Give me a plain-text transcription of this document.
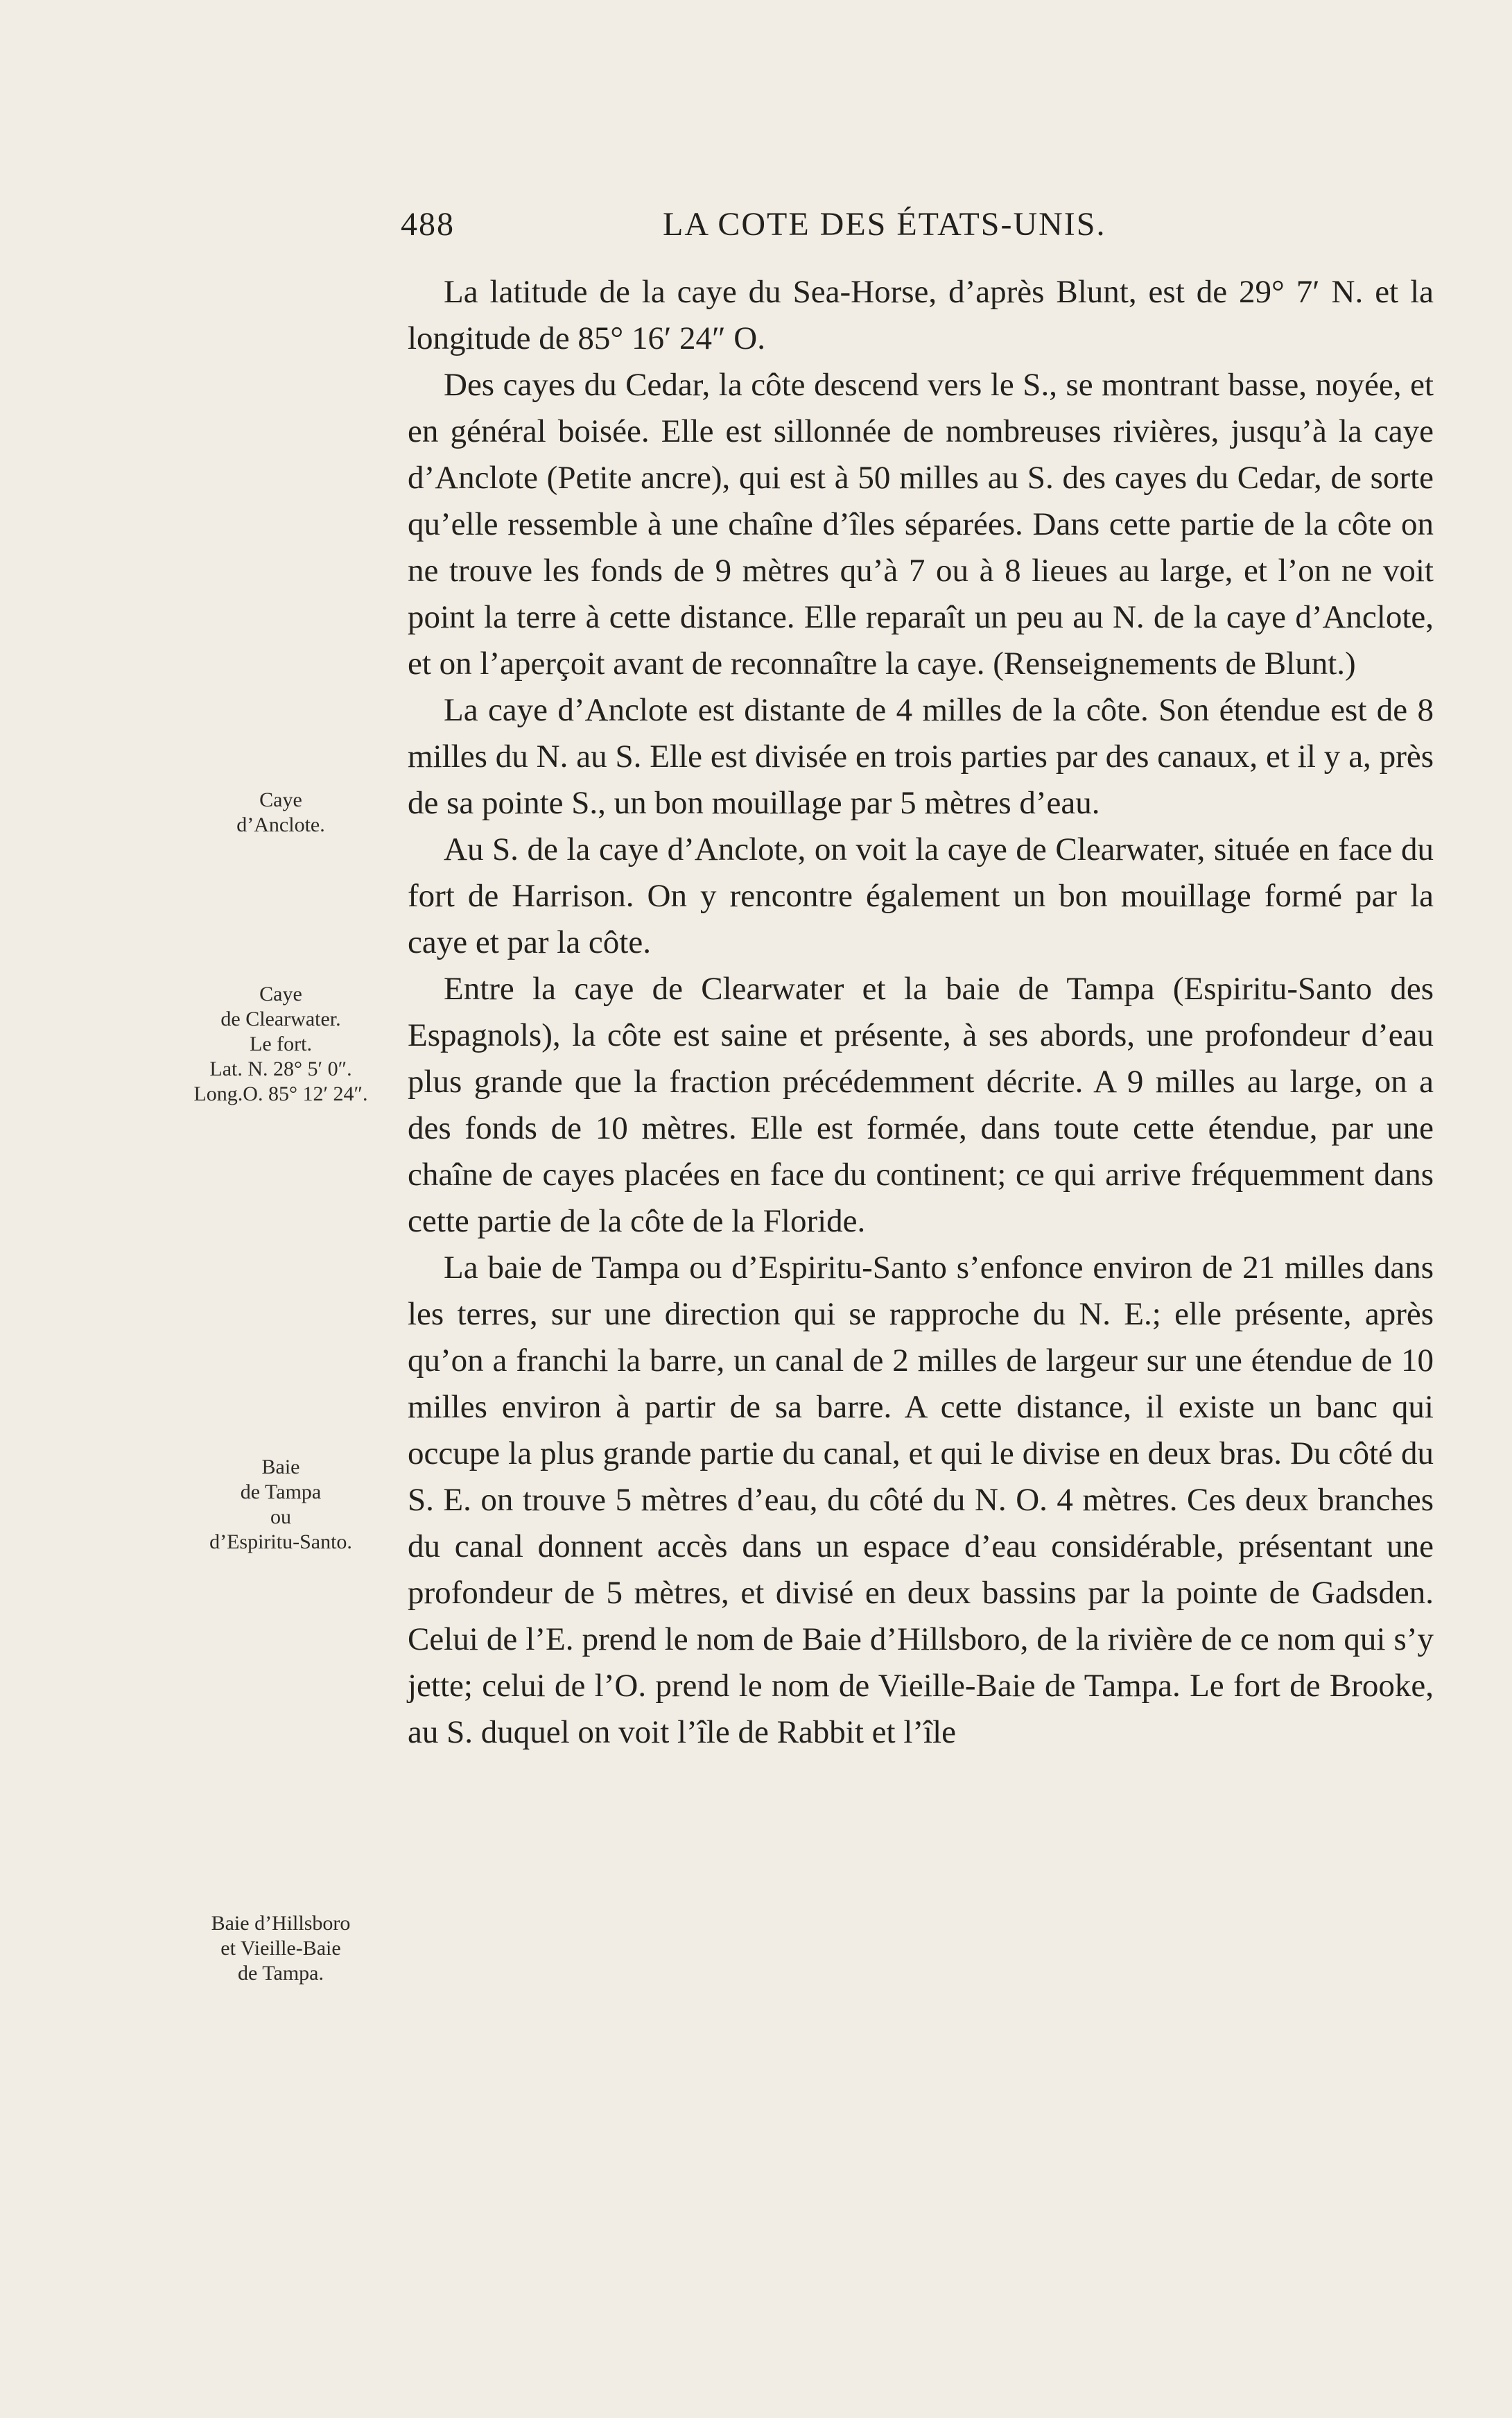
488	LA COTE DES ÉTATS-UNIS.

La latitude de la caye du Sea-Horse, d’après Blunt, est de 29° 7′ N. et la longitude de 85° 16′ 24″ O.

Des cayes du Cedar, la côte descend vers le S., se montrant basse, noyée, et en général boisée. Elle est sillonnée de nombreuses rivières, jusqu’à la caye d’Anclote (Petite ancre), qui est à 50 milles au S. des cayes du Cedar, de sorte qu’elle ressemble à une chaîne d’îles séparées. Dans cette partie de la côte on ne trouve les fonds de 9 mètres qu’à 7 ou à 8 lieues au large, et l’on ne voit point la terre à cette distance. Elle reparaît un peu au N. de la caye d’Anclote, et on l’aperçoit avant de reconnaître la caye. (Renseignements de Blunt.)

La caye d’Anclote est distante de 4 milles de la côte. Son étendue est de 8 milles du N. au S. Elle est divisée en trois parties par des canaux, et il y a, près de sa pointe S., un bon mouillage par 5 mètres d’eau.

Au S. de la caye d’Anclote, on voit la caye de Clearwater, située en face du fort de Harrison. On y rencontre également un bon mouillage formé par la caye et par la côte.

Entre la caye de Clearwater et la baie de Tampa (Espiritu-Santo des Espagnols), la côte est saine et présente, à ses abords, une profondeur d’eau plus grande que la fraction précédemment décrite. A 9 milles au large, on a des fonds de 10 mètres. Elle est formée, dans toute cette étendue, par une chaîne de cayes placées en face du continent; ce qui arrive fréquemment dans cette partie de la côte de la Floride.

La baie de Tampa ou d’Espiritu-Santo s’enfonce environ de 21 milles dans les terres, sur une direction qui se rapproche du N. E.; elle présente, après qu’on a franchi la barre, un canal de 2 milles de largeur sur une étendue de 10 milles environ à partir de sa barre. A cette distance, il existe un banc qui occupe la plus grande partie du canal, et qui le divise en deux bras. Du côté du S. E. on trouve 5 mètres d’eau, du côté du N. O. 4 mètres. Ces deux branches du canal donnent accès dans un espace d’eau considérable, présentant une profondeur de 5 mètres, et divisé en deux bassins par la pointe de Gadsden. Celui de l’E. prend le nom de Baie d’Hillsboro, de la rivière de ce nom qui s’y jette; celui de l’O. prend le nom de Vieille-Baie de Tampa. Le fort de Brooke, au S. duquel on voit l’île de Rabbit et l’île

Caye
d’Anclote.
Caye
de Clearwater.
Le fort.
Lat. N. 28° 5′ 0″.
Long.O. 85° 12′ 24″.
Baie
de Tampa
ou
d’Espiritu-Santo.
Baie d’Hillsboro
et Vieille-Baie
de Tampa.
